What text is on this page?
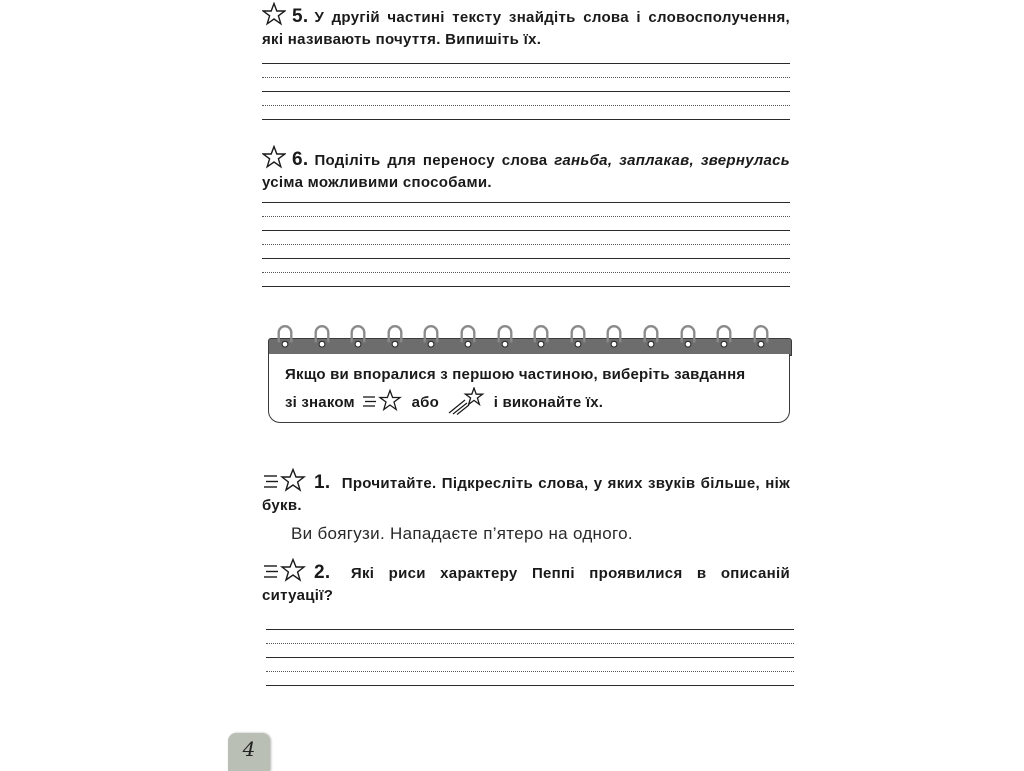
5. У другій частині тексту знайдіть слова і словосполучення, які називають почуття. Випишіть їх.
6. Поділіть для переносу слова ганьба, заплакав, звернулась усіма можливими способами.
Якщо ви впоралися з першою частиною, виберіть завдання
зі знаком	або	і виконайте їх.
1. Прочитайте. Підкресліть слова, у яких звуків більше, ніж букв.
Ви боягузи. Нападаєте п’ятеро на одного.
2. Які риси характеру Пеппі проявилися в описаній ситуації?
4
